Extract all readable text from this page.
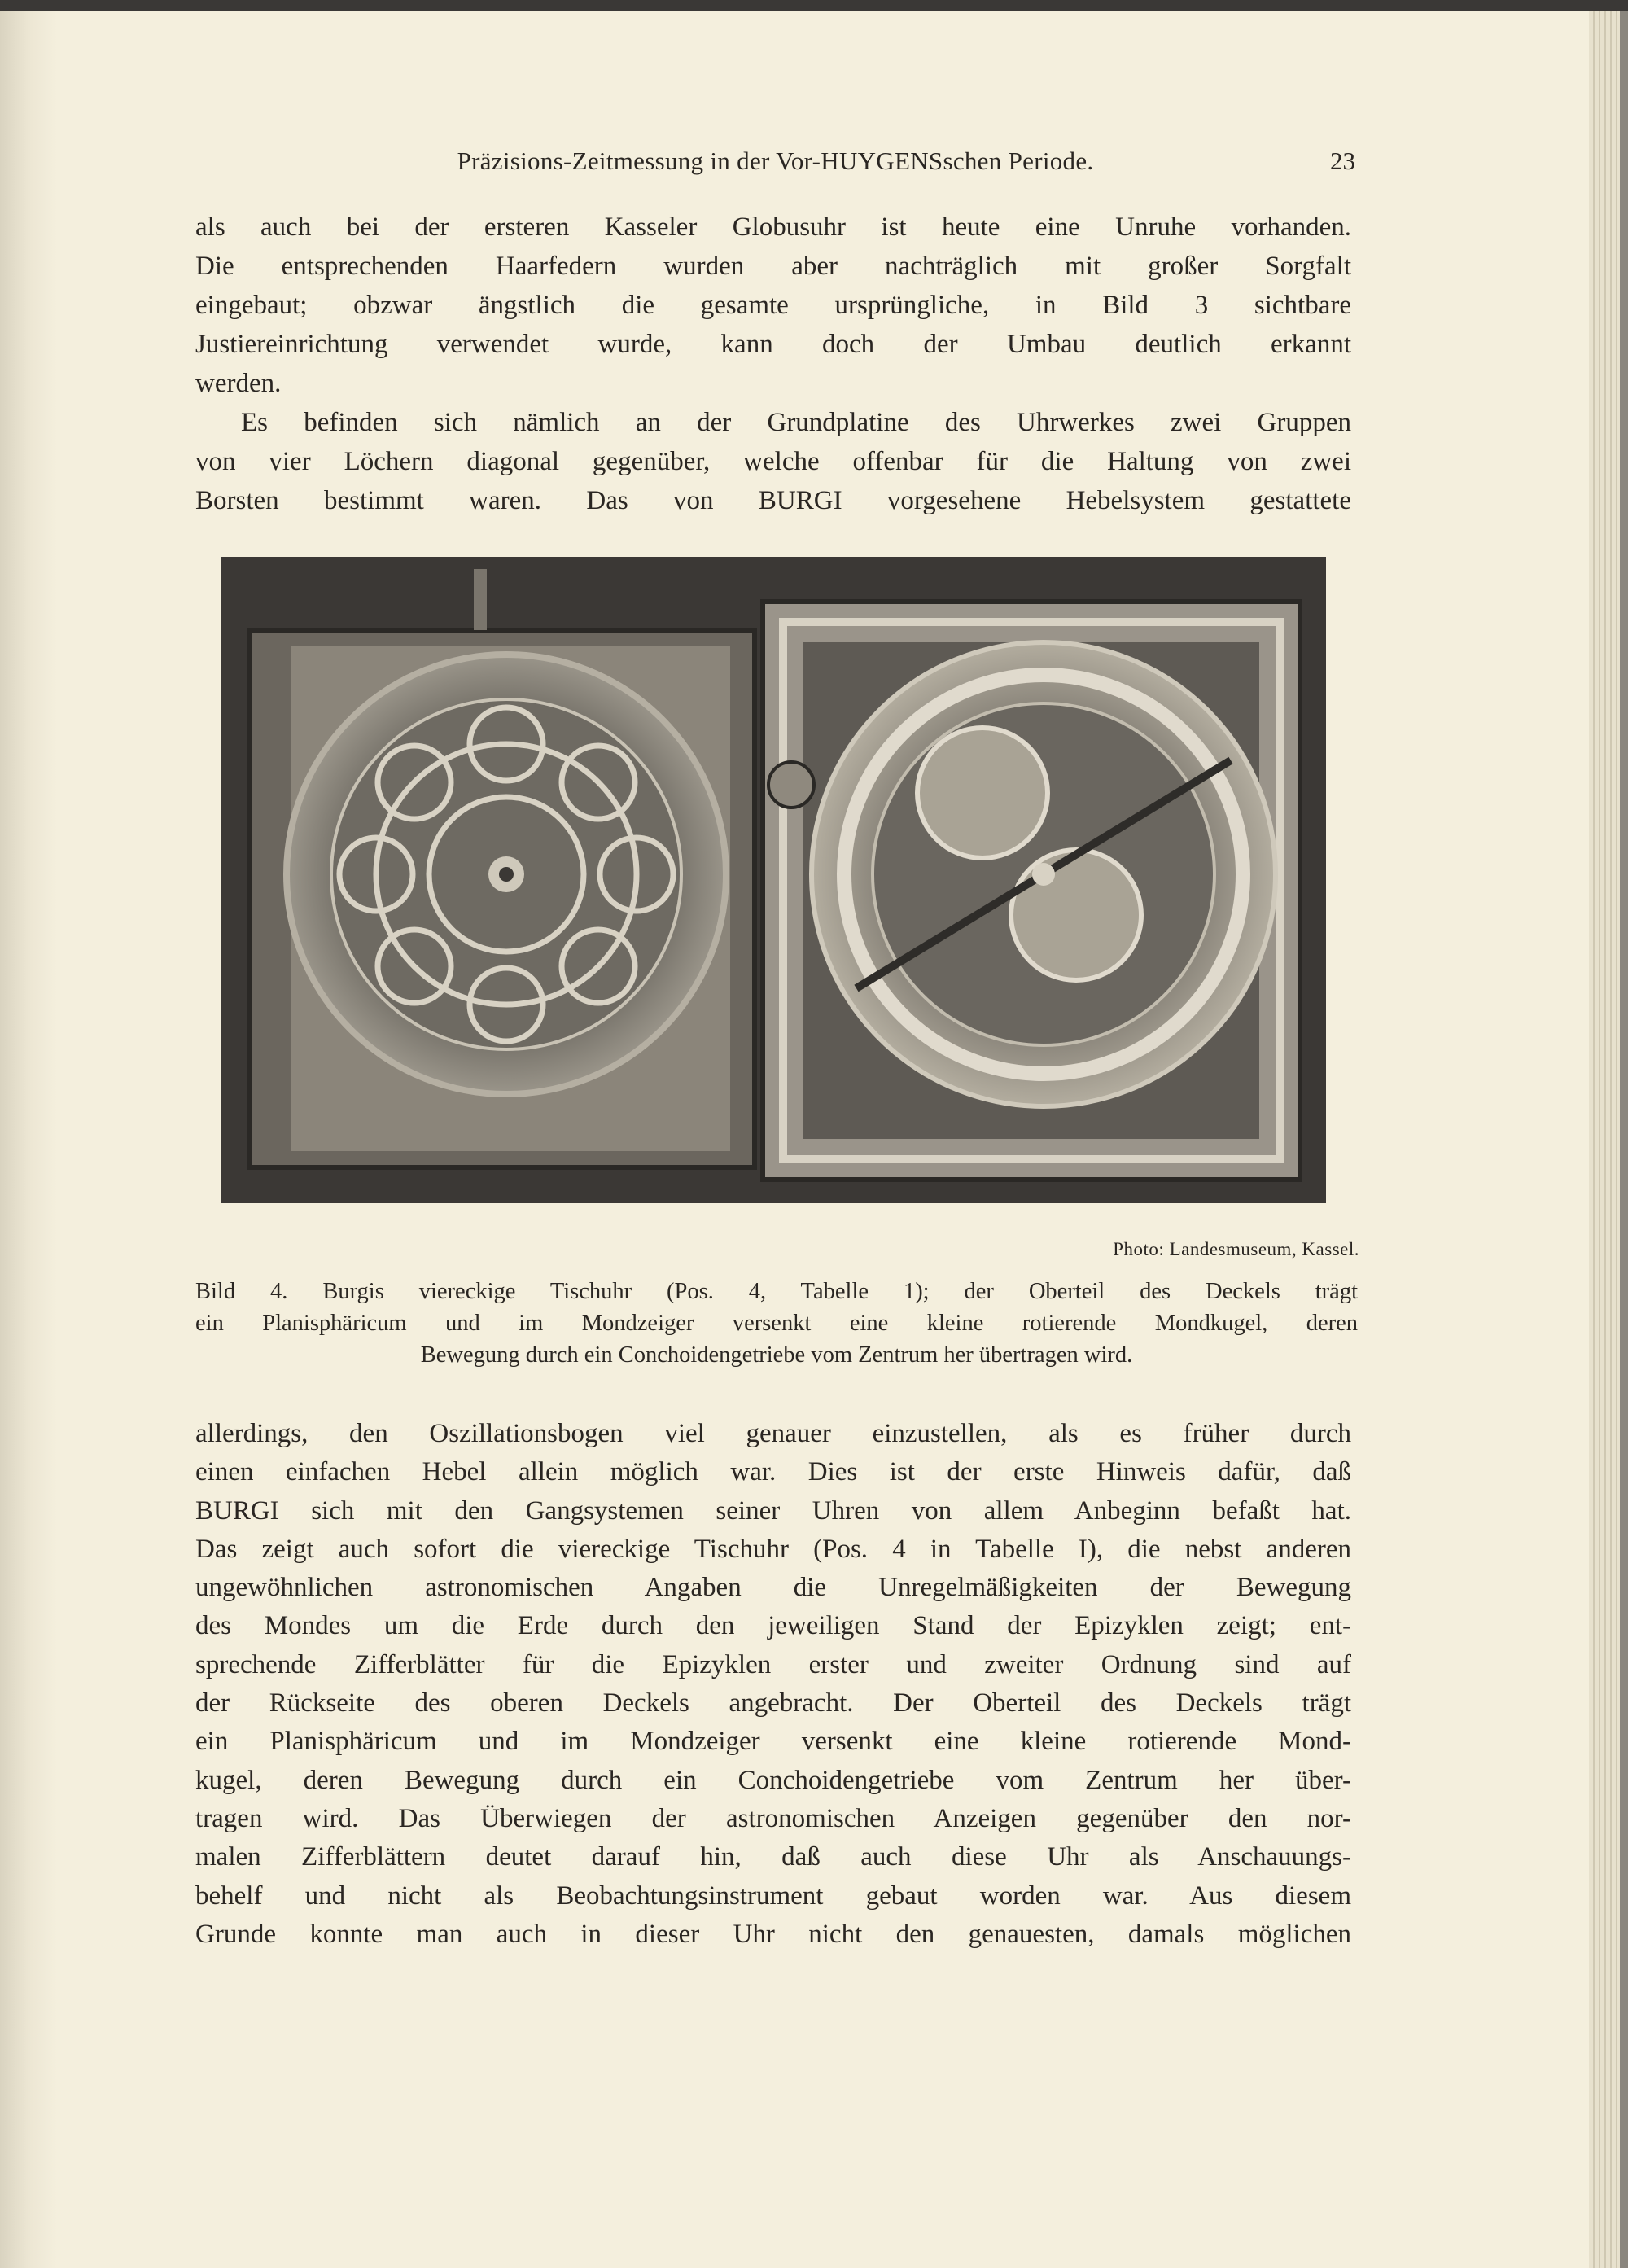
Präzisions-Zeitmessung in der Vor-HUYGENSschen Periode.	23
als auch bei der ersteren Kasseler Globusuhr ist heute eine Unruhe vorhanden.
Die entsprechenden Haarfedern wurden aber nachträglich mit großer Sorgfalt
eingebaut; obzwar ängstlich die gesamte ursprüngliche, in Bild 3 sichtbare
Justiereinrichtung verwendet wurde, kann doch der Umbau deutlich erkannt
werden.
Es befinden sich nämlich an der Grundplatine des Uhrwerkes zwei Gruppen
von vier Löchern diagonal gegenüber, welche offenbar für die Haltung von zwei
Borsten bestimmt waren. Das von BURGI vorgesehene Hebelsystem gestattete
Photo: Landesmuseum, Kassel.
Bild 4. Burgis viereckige Tischuhr (Pos. 4, Tabelle 1); der Oberteil des Deckels trägt
ein Planisphäricum und im Mondzeiger versenkt eine kleine rotierende Mondkugel, deren
Bewegung durch ein Conchoidengetriebe vom Zentrum her übertragen wird.
allerdings, den Oszillationsbogen viel genauer einzustellen, als es früher durch
einen einfachen Hebel allein möglich war. Dies ist der erste Hinweis dafür, daß
BURGI sich mit den Gangsystemen seiner Uhren von allem Anbeginn befaßt hat.
Das zeigt auch sofort die viereckige Tischuhr (Pos. 4 in Tabelle I), die nebst anderen
ungewöhnlichen astronomischen Angaben die Unregelmäßigkeiten der Bewegung
des Mondes um die Erde durch den jeweiligen Stand der Epizyklen zeigt; ent-
sprechende Zifferblätter für die Epizyklen erster und zweiter Ordnung sind auf
der Rückseite des oberen Deckels angebracht. Der Oberteil des Deckels trägt
ein Planisphäricum und im Mondzeiger versenkt eine kleine rotierende Mond-
kugel, deren Bewegung durch ein Conchoidengetriebe vom Zentrum her über-
tragen wird. Das Überwiegen der astronomischen Anzeigen gegenüber den nor-
malen Zifferblättern deutet darauf hin, daß auch diese Uhr als Anschauungs-
behelf und nicht als Beobachtungsinstrument gebaut worden war. Aus diesem
Grunde konnte man auch in dieser Uhr nicht den genauesten, damals möglichen
